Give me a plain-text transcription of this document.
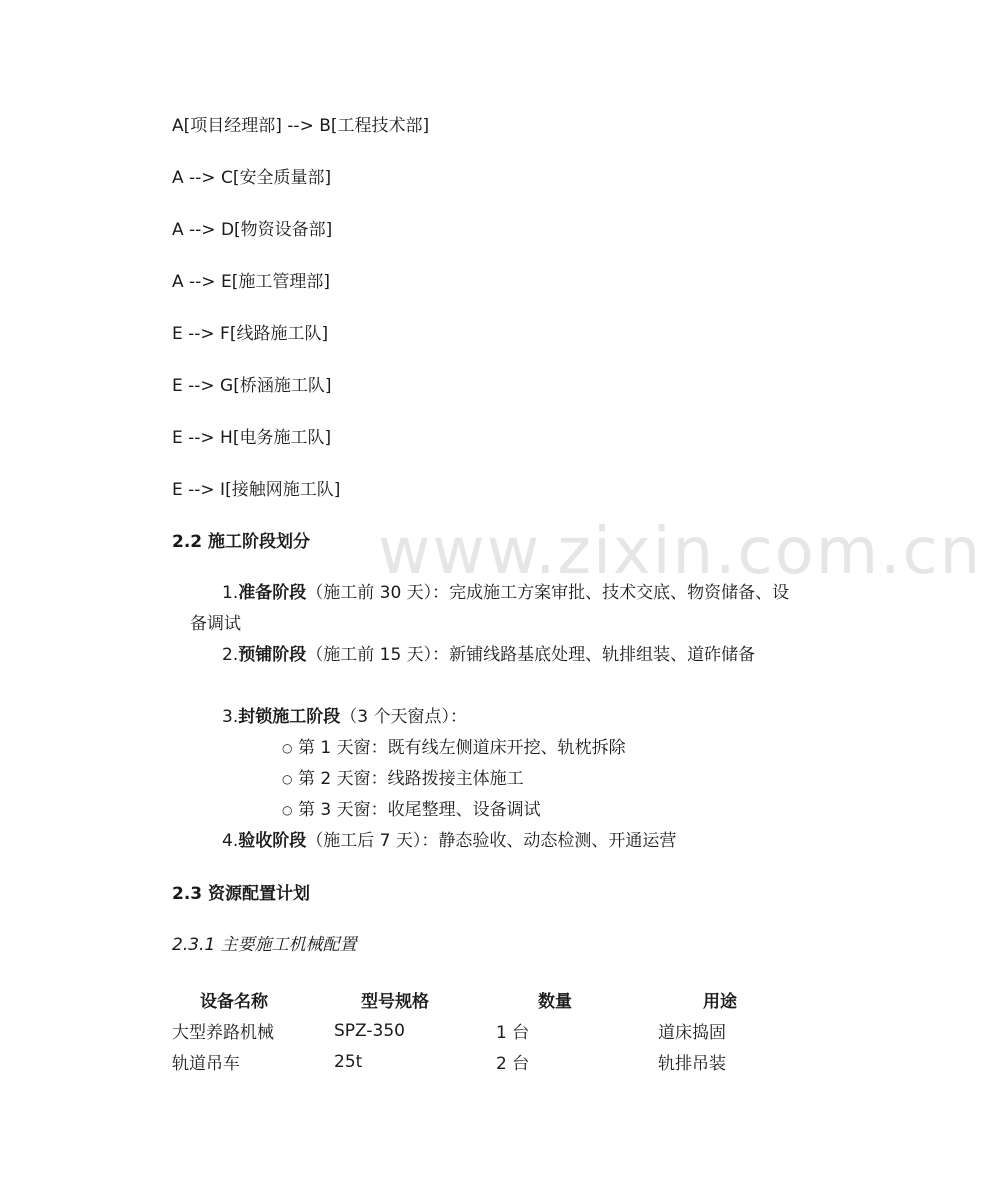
www.zixin.com.cn
A[项目经理部] --> B[工程技术部]
A --> C[安全质量部]
A --> D[物资设备部]
A --> E[施工管理部]
E --> F[线路施工队]
E --> G[桥涵施工队]
E --> H[电务施工队]
E --> I[接触网施工队]
2.2 施工阶段划分
1.准备阶段（施工前 30 天）：完成施工方案审批、技术交底、物资储备、设备调试
2.预铺阶段（施工前 15 天）：新铺线路基底处理、轨排组装、道砟储备
3.封锁施工阶段（3 个天窗点）：
○ 第 1 天窗：既有线左侧道床开挖、轨枕拆除
○ 第 2 天窗：线路拨接主体施工
○ 第 3 天窗：收尾整理、设备调试
4.验收阶段（施工后 7 天）：静态验收、动态检测、开通运营
2.3 资源配置计划
2.3.1 主要施工机械配置
设备名称	型号规格	数量	用途
大型养路机械	SPZ-350	1 台	道床捣固
轨道吊车	25t	2 台	轨排吊装
